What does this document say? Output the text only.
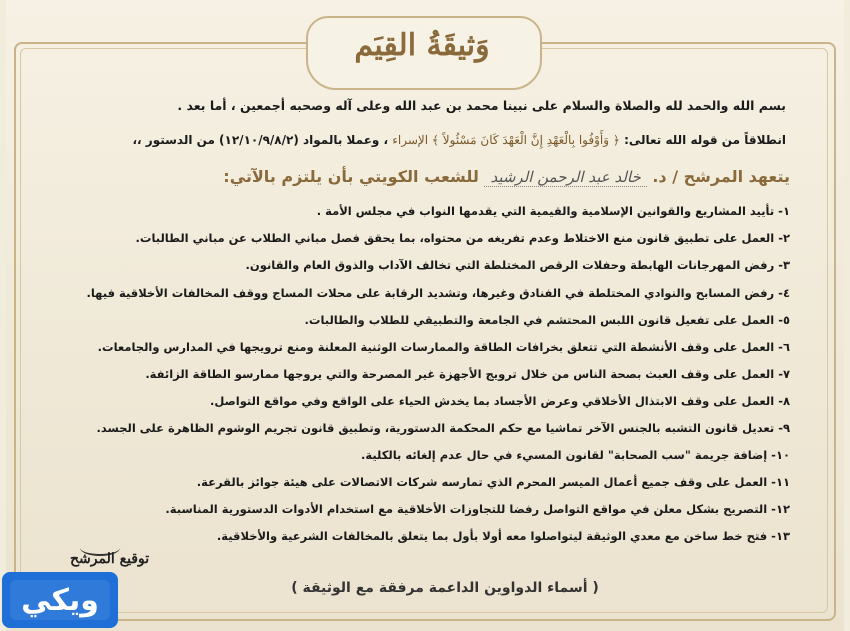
وَثيقَةُ القِيَم
بسم الله والحمد لله والصلاة والسلام على نبينا محمد بن عبد الله وعلى آله وصحبه أجمعين ، أما بعد .
انطلاقاً من قوله الله تعالى: ﴿ وَأَوْفُوا بِالْعَهْدِ إِنَّ الْعَهْدَ كَانَ مَسْئُولاً ﴾ الإسراء ، وعملا بالمواد (١٢/١٠/٩/٨/٢) من الدستور ،،
يتعهد المرشح / د. خالد عبد الرحمن الرشيد للشعب الكويتي بأن يلتزم بالآتي:
١- تأييد المشاريع والقوانين الإسلامية والقيمية التي يقدمها النواب في مجلس الأمة .
٢- العمل على تطبيق قانون منع الاختلاط وعدم تفريغه من محتواه، بما يحقق فصل مباني الطلاب عن مباني الطالبات.
٣- رفض المهرجانات الهابطة وحفلات الرقص المختلطة التي تخالف الآداب والذوق العام والقانون.
٤- رفض المسابح والنوادي المختلطة في الفنادق وغيرها، وتشديد الرقابة على محلات المساج ووقف المخالفات الأخلاقية فيها.
٥- العمل على تفعيل قانون اللبس المحتشم في الجامعة والتطبيقي للطلاب والطالبات.
٦- العمل على وقف الأنشطة التي تتعلق بخرافات الطاقة والممارسات الوثنية المعلنة ومنع ترويجها في المدارس والجامعات.
٧- العمل على وقف العبث بصحة الناس من خلال ترويج الأجهزة غير المصرحة والتي يروجها ممارسو الطاقة الزائفة.
٨- العمل على وقف الابتذال الأخلاقي وعرض الأجساد بما يخدش الحياء على الواقع وفي مواقع التواصل.
٩- تعديل قانون التشبه بالجنس الآخر تماشيا مع حكم المحكمة الدستورية، وتطبيق قانون تجريم الوشوم الظاهرة على الجسد.
١٠- إضافة جريمة "سب الصحابة" لقانون المسيء في حال عدم إلغائه بالكلية.
١١- العمل على وقف جميع أعمال الميسر المحرم الذي تمارسه شركات الاتصالات على هيئة جوائز بالقرعة.
١٢- التصريح بشكل معلن في مواقع التواصل رفضا للتجاوزات الأخلاقية مع استخدام الأدوات الدستورية المناسبة.
١٣- فتح خط ساخن مع معدي الوثيقة ليتواصلوا معه أولا بأول بما يتعلق بالمخالفات الشرعية والأخلاقية.
توقيع المرشح
( أسماء الدواوين الداعمة مرفقة مع الوثيقة )
ويكي
